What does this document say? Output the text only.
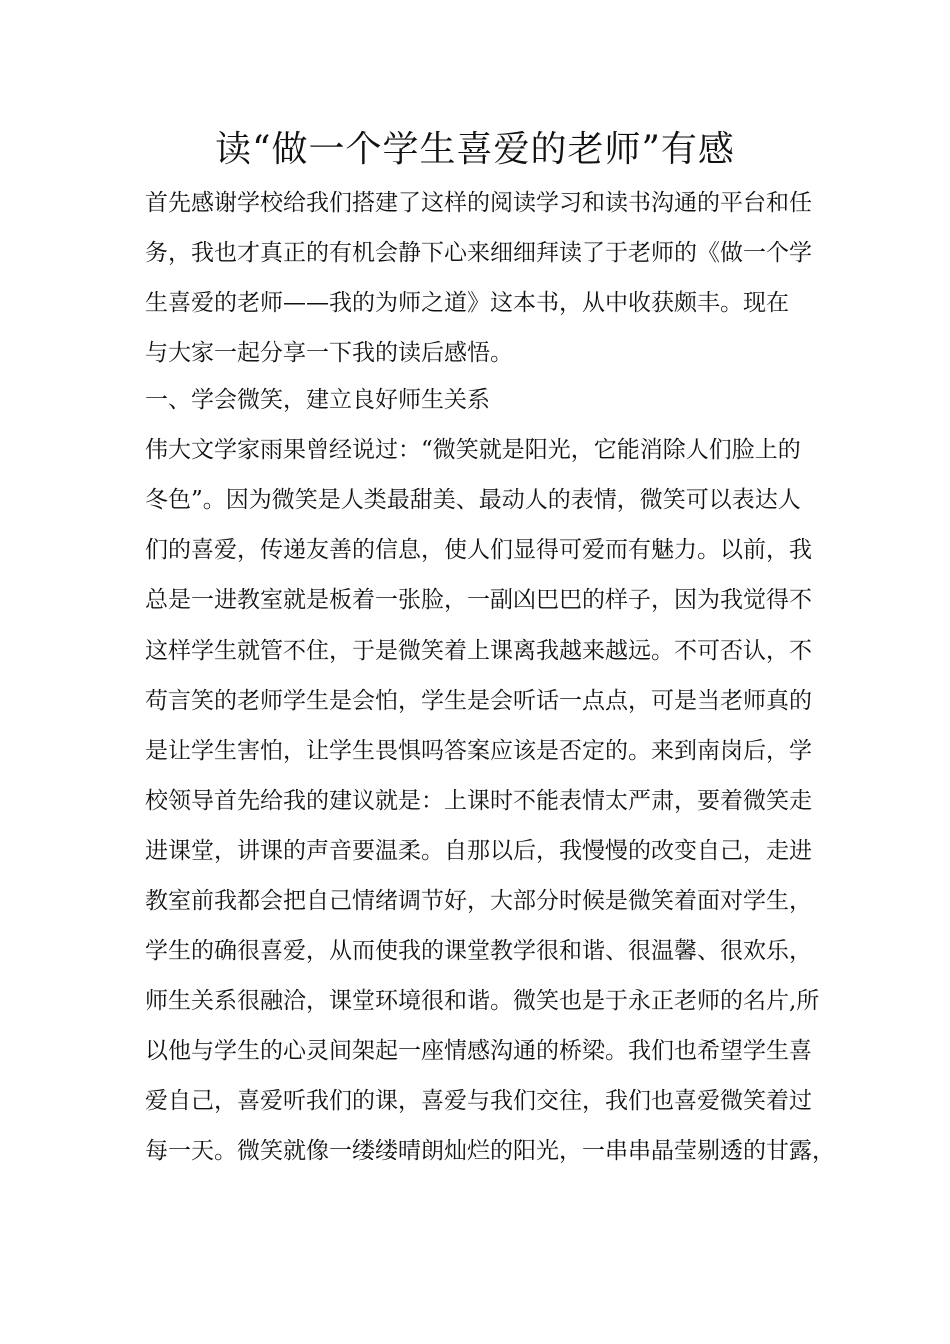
读“做一个学生喜爱的老师”有感
首先感谢学校给我们搭建了这样的阅读学习和读书沟通的平台和任
务，我也才真正的有机会静下心来细细拜读了于老师的《做一个学
生喜爱的老师——我的为师之道》这本书，从中收获颇丰。现在
与大家一起分享一下我的读后感悟。
一、学会微笑，建立良好师生关系
伟大文学家雨果曾经说过：“微笑就是阳光，它能消除人们脸上的
冬色”。因为微笑是人类最甜美、最动人的表情，微笑可以表达人
们的喜爱，传递友善的信息，使人们显得可爱而有魅力。以前，我
总是一进教室就是板着一张脸，一副凶巴巴的样子，因为我觉得不
这样学生就管不住，于是微笑着上课离我越来越远。不可否认，不
苟言笑的老师学生是会怕，学生是会听话一点点，可是当老师真的
是让学生害怕，让学生畏惧吗答案应该是否定的。来到南岗后，学
校领导首先给我的建议就是：上课时不能表情太严肃，要着微笑走
进课堂，讲课的声音要温柔。自那以后，我慢慢的改变自己，走进
教室前我都会把自己情绪调节好，大部分时候是微笑着面对学生，
学生的确很喜爱，从而使我的课堂教学很和谐、很温馨、很欢乐，
师生关系很融洽，课堂环境很和谐。微笑也是于永正老师的名片,所
以他与学生的心灵间架起一座情感沟通的桥梁。我们也希望学生喜
爱自己，喜爱听我们的课，喜爱与我们交往，我们也喜爱微笑着过
每一天。微笑就像一缕缕晴朗灿烂的阳光，一串串晶莹剔透的甘露，
